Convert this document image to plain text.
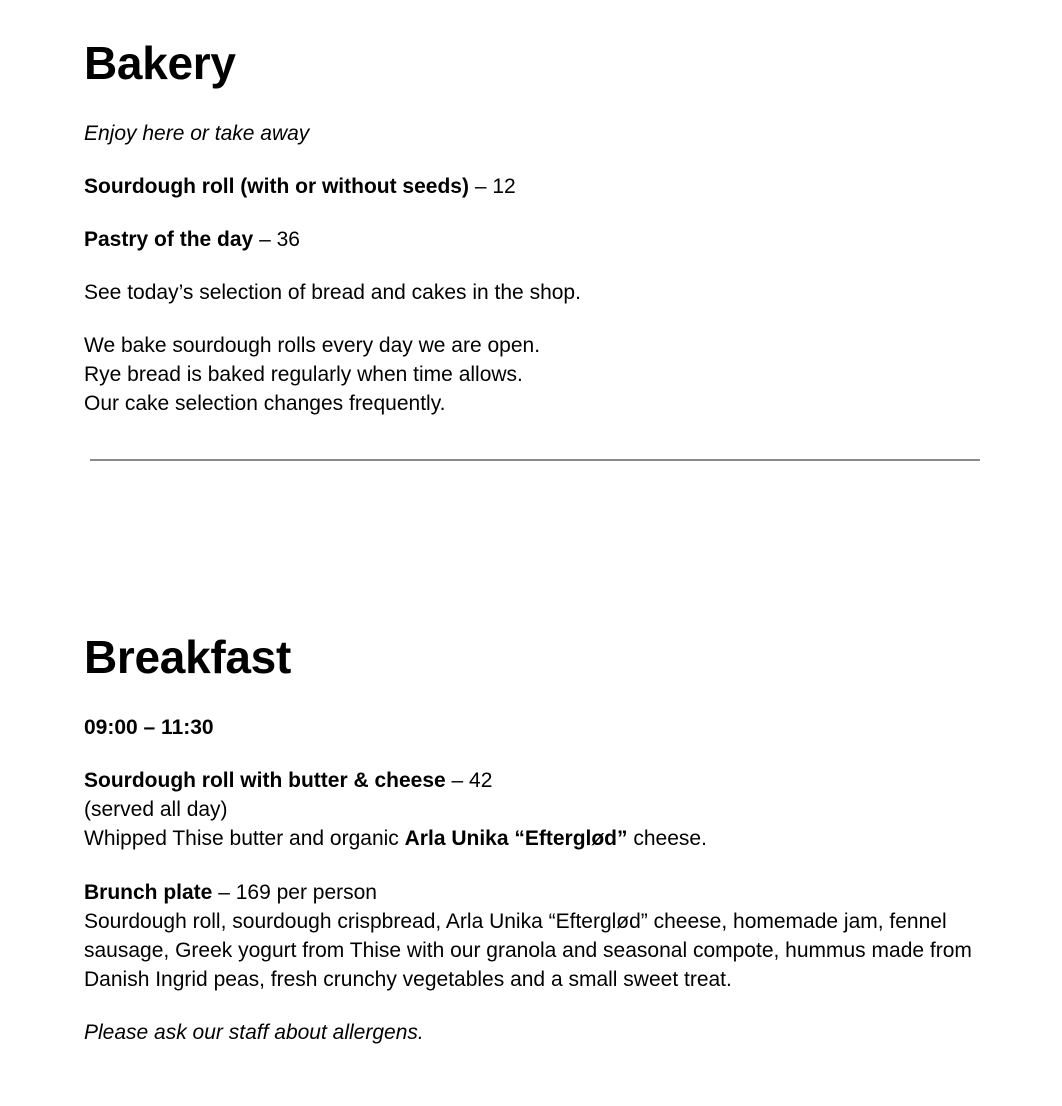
Bakery

Enjoy here or take away

Sourdough roll (with or without seeds) – 12

Pastry of the day – 36

See today’s selection of bread and cakes in the shop.

We bake sourdough rolls every day we are open.
Rye bread is baked regularly when time allows.
Our cake selection changes frequently.

Breakfast

09:00 – 11:30

Sourdough roll with butter & cheese – 42
(served all day)
Whipped Thise butter and organic Arla Unika “Efterglød” cheese.

Brunch plate – 169 per person
Sourdough roll, sourdough crispbread, Arla Unika “Efterglød” cheese, homemade jam, fennel sausage, Greek yogurt from Thise with our granola and seasonal compote, hummus made from Danish Ingrid peas, fresh crunchy vegetables and a small sweet treat.

Please ask our staff about allergens.
